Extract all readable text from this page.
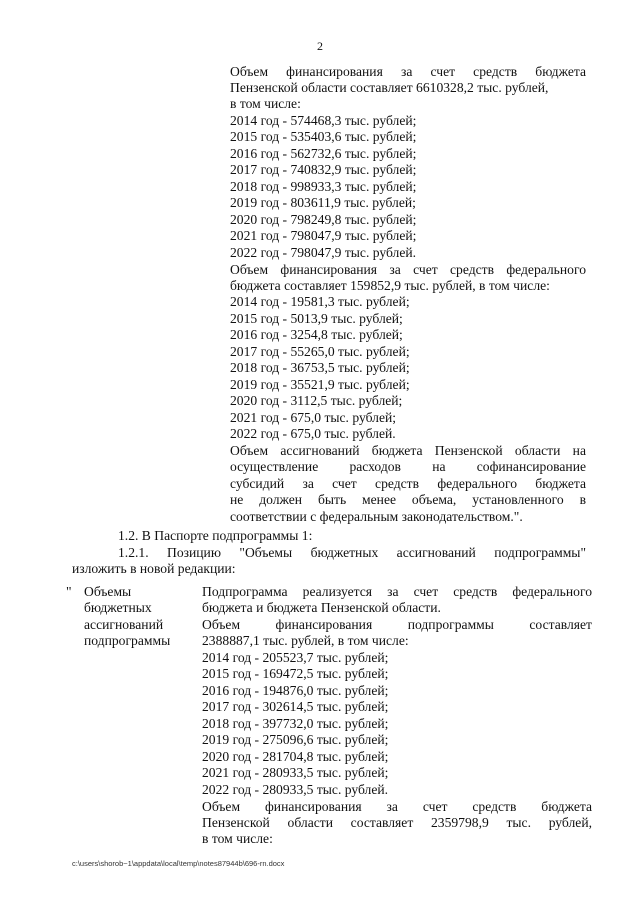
2
Объем финансирования за счет средств бюджета
Пензенской области составляет 6610328,2 тыс. рублей,
в том числе:
2014 год - 574468,3 тыс. рублей;
2015 год - 535403,6 тыс. рублей;
2016 год - 562732,6 тыс. рублей;
2017 год - 740832,9 тыс. рублей;
2018 год - 998933,3 тыс. рублей;
2019 год - 803611,9 тыс. рублей;
2020 год - 798249,8 тыс. рублей;
2021 год - 798047,9 тыс. рублей;
2022 год - 798047,9 тыс. рублей.
Объем финансирования за счет средств федерального
бюджета составляет 159852,9 тыс. рублей, в том числе:
2014 год - 19581,3 тыс. рублей;
2015 год - 5013,9 тыс. рублей;
2016 год - 3254,8 тыс. рублей;
2017 год - 55265,0 тыс. рублей;
2018 год - 36753,5 тыс. рублей;
2019 год - 35521,9 тыс. рублей;
2020 год - 3112,5 тыс. рублей;
2021 год - 675,0 тыс. рублей;
2022 год - 675,0 тыс. рублей.
Объем ассигнований бюджета Пензенской области на
осуществление расходов на софинансирование
субсидий за счет средств федерального бюджета
не должен быть менее объема, установленного в
соответствии с федеральным законодательством.".
1.2. В Паспорте подпрограммы 1:
1.2.1. Позицию "Объемы бюджетных ассигнований подпрограммы"
изложить в новой редакции:
" Объемы
бюджетных
ассигнований
подпрограммы
Подпрограмма реализуется за счет средств федерального
бюджета и бюджета Пензенской области.
Объем финансирования подпрограммы составляет
2388887,1 тыс. рублей, в том числе:
2014 год - 205523,7 тыс. рублей;
2015 год - 169472,5 тыс. рублей;
2016 год - 194876,0 тыс. рублей;
2017 год - 302614,5 тыс. рублей;
2018 год - 397732,0 тыс. рублей;
2019 год - 275096,6 тыс. рублей;
2020 год - 281704,8 тыс. рублей;
2021 год - 280933,5 тыс. рублей;
2022 год - 280933,5 тыс. рублей.
Объем финансирования за счет средств бюджета
Пензенской области составляет 2359798,9 тыс. рублей,
в том числе:
c:\users\shorob~1\appdata\local\temp\notes87944b\696-rn.docx
